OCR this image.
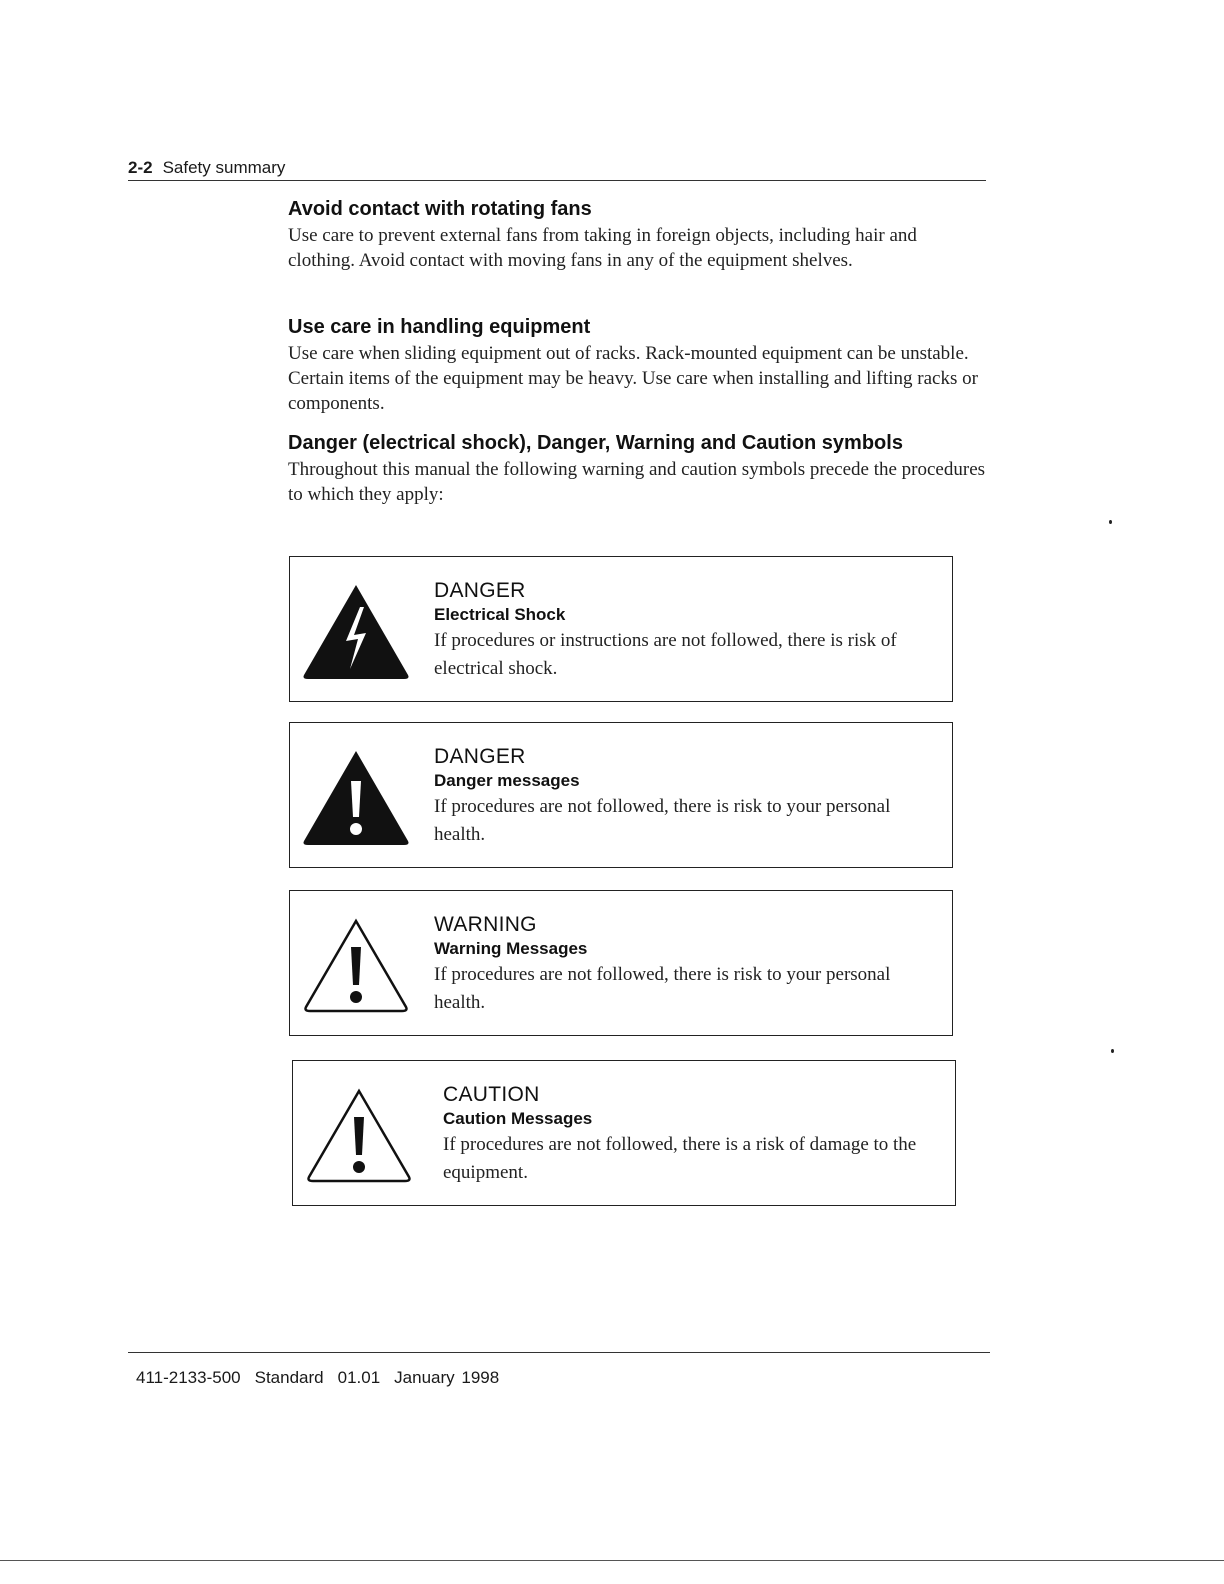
2-2 Safety summary
Avoid contact with rotating fans

Use care to prevent external fans from taking in foreign objects, including hair and clothing. Avoid contact with moving fans in any of the equipment shelves.

Use care in handling equipment

Use care when sliding equipment out of racks. Rack-mounted equipment can be unstable. Certain items of the equipment may be heavy. Use care when installing and lifting racks or components.

Danger (electrical shock), Danger, Warning and Caution symbols

Throughout this manual the following warning and caution symbols precede the procedures to which they apply:

DANGER
Electrical Shock
If procedures or instructions are not followed, there is risk of electrical shock.
DANGER
Danger messages
If procedures are not followed, there is risk to your personal health.
WARNING
Warning Messages
If procedures are not followed, there is risk to your personal health.
CAUTION
Caution Messages
If procedures are not followed, there is a risk of damage to the equipment.
411-2133-500 Standard 01.01 January 1998
